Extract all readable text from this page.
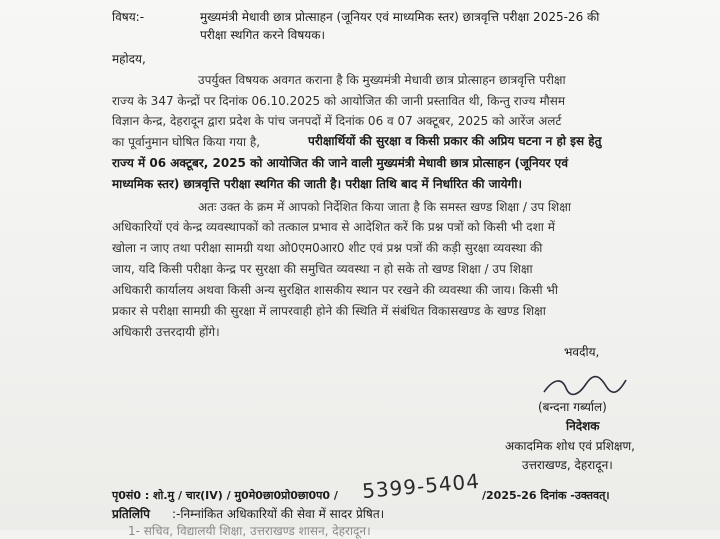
विषय:-	मुख्यमंत्री मेधावी छात्र प्रोत्साहन (जूनियर एवं माध्यमिक स्तर) छात्रवृत्ति परीक्षा 2025-26 की
परीक्षा स्थगित करने विषयक।
महोदय,
उपर्युक्त विषयक अवगत कराना है कि मुख्यमंत्री मेधावी छात्र प्रोत्साहन छात्रवृत्ति परीक्षा
राज्य के 347 केन्द्रों पर दिनांक 06.10.2025 को आयोजित की जानी प्रस्तावित थी, किन्तु राज्य मौसम
विज्ञान केन्द्र, देहरादून द्वारा प्रदेश के पांच जनपदों में दिनांक 06 व 07 अक्टूबर, 2025 को आरेंज अलर्ट
का पूर्वानुमान घोषित किया गया है,	परीक्षार्थियों की सुरक्षा व किसी प्रकार की अप्रिय घटना न हो इस हेतु
राज्य में 06 अक्टूबर, 2025 को आयोजित की जाने वाली मुख्यमंत्री मेधावी छात्र प्रोत्साहन (जूनियर एवं
माध्यमिक स्तर) छात्रवृत्ति परीक्षा स्थगित की जाती है। परीक्षा तिथि बाद में निर्धारित की जायेगी।
अतः उक्त के क्रम में आपको निर्देशित किया जाता है कि समस्त खण्ड शिक्षा / उप शिक्षा
अधिकारियों एवं केन्द्र व्यवस्थापकों को तत्काल प्रभाव से आदेशित करें कि प्रश्न पत्रों को किसी भी दशा में
खोला न जाए तथा परीक्षा सामग्री यथा ओ0एम0आर0 शीट एवं प्रश्न पत्रों की कड़ी सुरक्षा व्यवस्था की
जाय, यदि किसी परीक्षा केन्द्र पर सुरक्षा की समुचित व्यवस्था न हो सके तो खण्ड शिक्षा / उप शिक्षा
अधिकारी कार्यालय अथवा किसी अन्य सुरक्षित शासकीय स्थान पर रखने की व्यवस्था की जाय। किसी भी
प्रकार से परीक्षा सामग्री की सुरक्षा में लापरवाही होने की स्थिति में संबंधित विकासखण्ड के खण्ड शिक्षा
अधिकारी उत्तरदायी होंगे।
भवदीय,
(बन्दना गर्ब्याल)
निदेशक
अकादमिक शोध एवं प्रशिक्षण,
उत्तराखण्ड, देहरादून।
पृ0सं0 : शो.मु / चार(IV) / मु0मे0छा0प्रो0छा0प0 / 5399-5404 /2025-26 दिनांक -उक्तवत्।
प्रतिलिपि :-निम्नांकित अधिकारियों की सेवा में सादर प्रेषित।
1- सचिव, विद्यालयी शिक्षा, उत्तराखण्ड शासन, देहरादून।
